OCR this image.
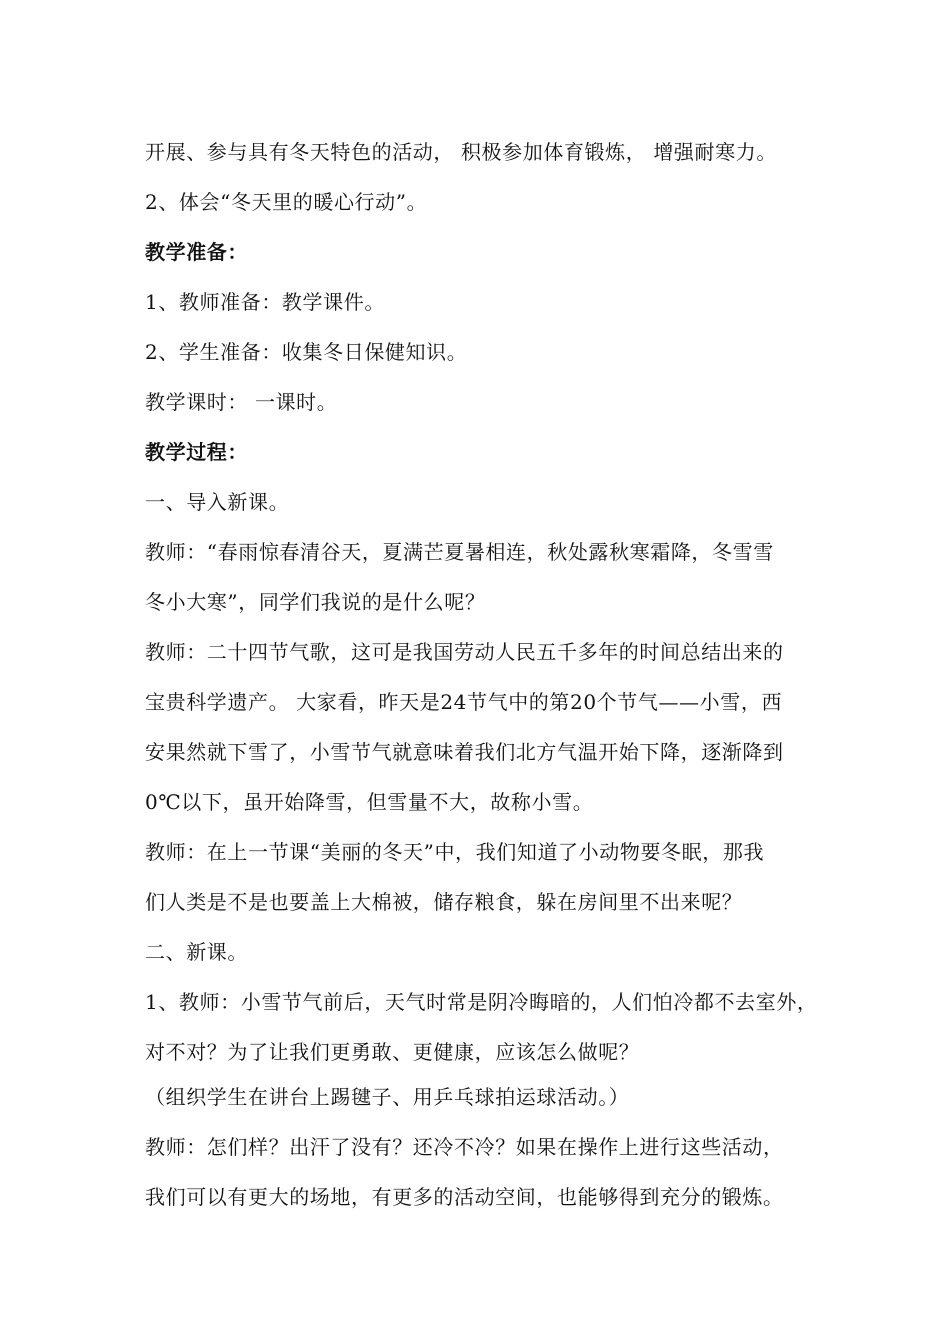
开展、参与具有冬天特色的活动， 积极参加体育锻炼， 增强耐寒力。
2、体会“冬天里的暖心行动”。
教学准备：
1、教师准备：教学课件。
2、学生准备：收集冬日保健知识。
教学课时： 一课时。
教学过程：
一、导入新课。
教师：“春雨惊春清谷天，夏满芒夏暑相连，秋处露秋寒霜降，冬雪雪
冬小大寒”，同学们我说的是什么呢？
教师：二十四节气歌，这可是我国劳动人民五千多年的时间总结出来的
宝贵科学遗产。 大家看，昨天是24节气中的第20个节气——小雪，西
安果然就下雪了，小雪节气就意味着我们北方气温开始下降，逐渐降到
0℃以下，虽开始降雪，但雪量不大，故称小雪。
教师：在上一节课“美丽的冬天”中，我们知道了小动物要冬眠，那我
们人类是不是也要盖上大棉被，储存粮食，躲在房间里不出来呢？
二、新课。
1、教师：小雪节气前后，天气时常是阴冷晦暗的，人们怕冷都不去室外，
对不对？为了让我们更勇敢、更健康，应该怎么做呢？
（组织学生在讲台上踢毽子、用乒乓球拍运球活动。）
教师：怎们样？出汗了没有？还冷不冷？如果在操作上进行这些活动，
我们可以有更大的场地，有更多的活动空间，也能够得到充分的锻炼。
